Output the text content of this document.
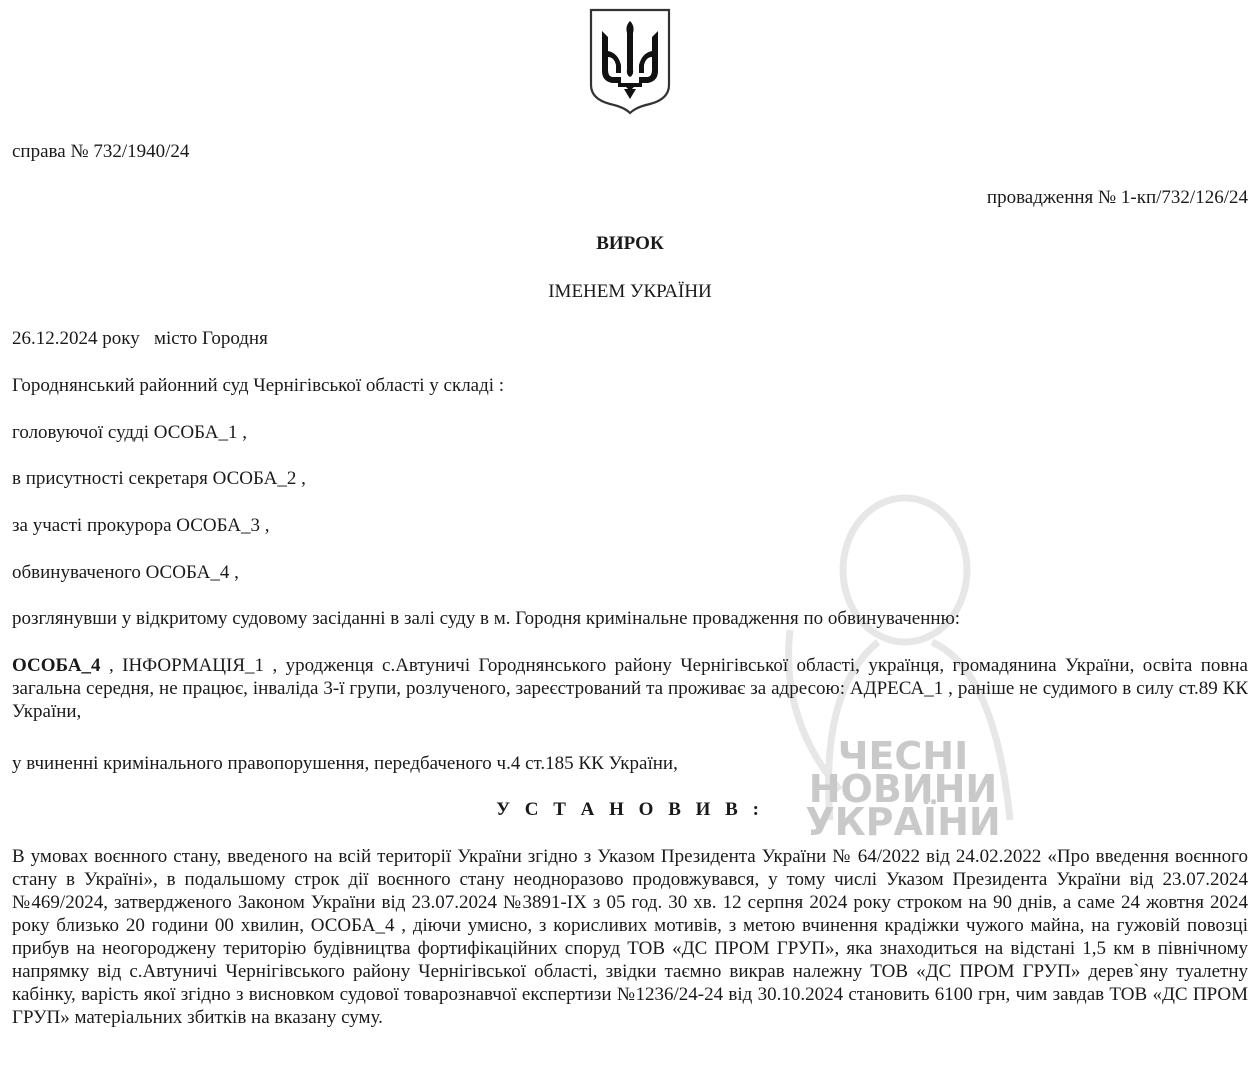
ЧЕСНІ
НОВИНИ
УКРАЇНИ
справа № 732/1940/24
провадження № 1-кп/732/126/24
ВИРОК
ІМЕНЕМ УКРАЇНИ
26.12.2024 року   місто Городня
Городнянський районний суд Чернігівської області у складі :
головуючої судді ОСОБА_1 ,
в присутності секретаря ОСОБА_2 ,
за участі прокурора ОСОБА_3 ,
обвинуваченого ОСОБА_4 ,
розглянувши у відкритому судовому засіданні в залі суду в м. Городня кримінальне провадження по обвинуваченню:
ОСОБА_4 , ІНФОРМАЦІЯ_1 , уродженця с.Автуничі Городнянського району Чернігівської області, українця, громадянина України, освіта повна загальна середня, не працює, інваліда 3-ї групи, розлученого, зареєстрований та проживає за адресою: АДРЕСА_1 , раніше не судимого в силу ст.89 КК України,
у вчиненні кримінального правопорушення, передбаченого ч.4 ст.185 КК України,
У С Т А Н О В И В :
В умовах воєнного стану, введеного на всій території України згідно з Указом Президента України № 64/2022 від 24.02.2022 «Про введення воєнного стану в Україні», в подальшому строк дії воєнного стану неодноразово продовжувався, у тому числі Указом Президента України від 23.07.2024 №469/2024, затвердженого Законом України від 23.07.2024 №3891-IX з 05 год. 30 хв. 12 серпня 2024 року строком на 90 днів, а саме 24 жовтня 2024 року близько 20 години 00 хвилин, ОСОБА_4 , діючи умисно, з корисливих мотивів, з метою вчинення крадіжки чужого майна, на гужовій повозці прибув на неогороджену територію будівництва фортифікаційних споруд ТОВ «ДС ПРОМ ГРУП», яка знаходиться на відстані 1,5 км в північному напрямку від с.Автуничі Чернігівського району Чернігівської області, звідки таємно викрав належну ТОВ «ДС ПРОМ ГРУП» дерев`яну туалетну кабінку, варість якої згідно з висновком судової товарознавчої експертизи №1236/24-24 від 30.10.2024 становить 6100 грн, чим завдав ТОВ «ДС ПРОМ ГРУП» матеріальних збитків на вказану суму.
